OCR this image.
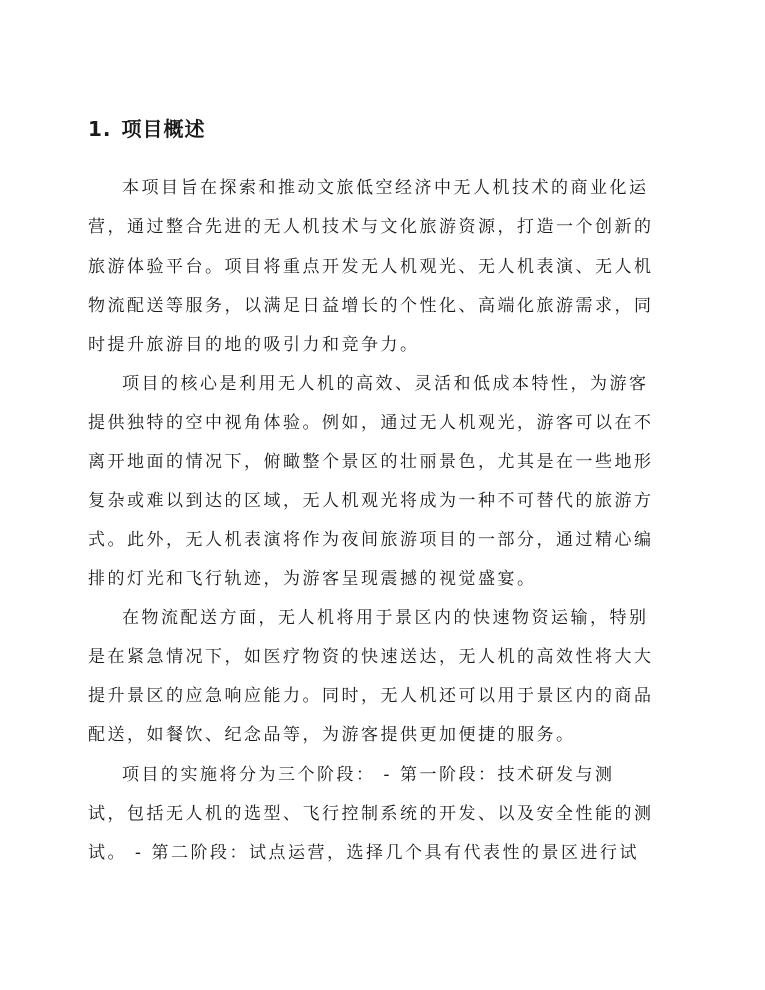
1. 项目概述

本项目旨在探索和推动文旅低空经济中无人机技术的商业化运

营，通过整合先进的无人机技术与文化旅游资源，打造一个创新的

旅游体验平台。项目将重点开发无人机观光、无人机表演、无人机

物流配送等服务，以满足日益增长的个性化、高端化旅游需求，同

时提升旅游目的地的吸引力和竞争力。

项目的核心是利用无人机的高效、灵活和低成本特性，为游客

提供独特的空中视角体验。例如，通过无人机观光，游客可以在不

离开地面的情况下，俯瞰整个景区的壮丽景色，尤其是在一些地形

复杂或难以到达的区域，无人机观光将成为一种不可替代的旅游方

式。此外，无人机表演将作为夜间旅游项目的一部分，通过精心编

排的灯光和飞行轨迹，为游客呈现震撼的视觉盛宴。

在物流配送方面，无人机将用于景区内的快速物资运输，特别

是在紧急情况下，如医疗物资的快速送达，无人机的高效性将大大

提升景区的应急响应能力。同时，无人机还可以用于景区内的商品

配送，如餐饮、纪念品等，为游客提供更加便捷的服务。

项目的实施将分为三个阶段： - 第一阶段：技术研发与测

试，包括无人机的选型、飞行控制系统的开发、以及安全性能的测

试。 - 第二阶段：试点运营，选择几个具有代表性的景区进行试
